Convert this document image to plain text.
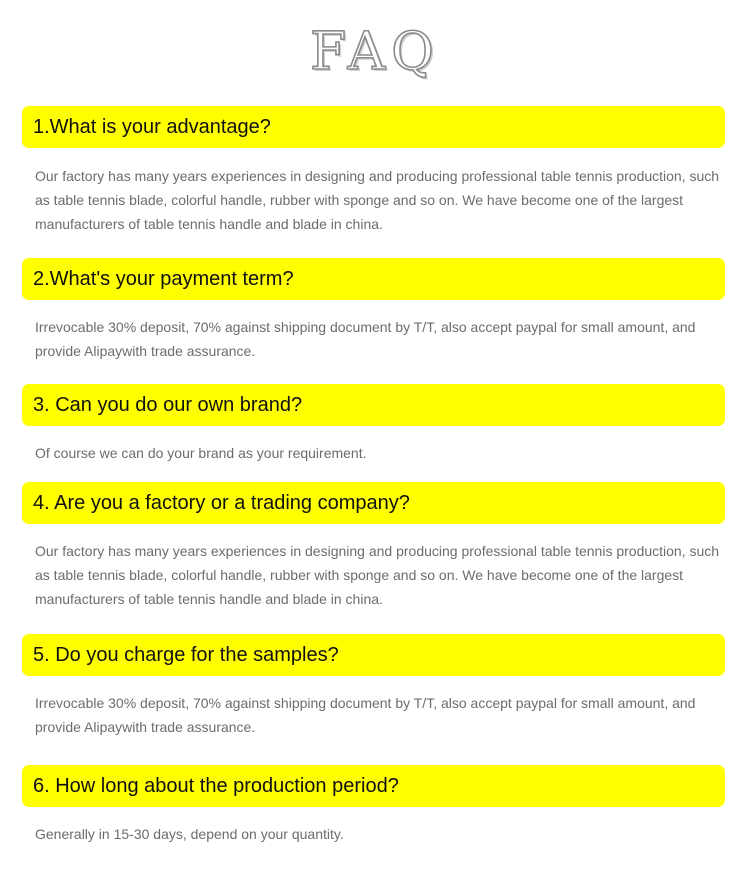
FAQ
1.What is your advantage?

Our factory has many years experiences in designing and producing professional table tennis production, such as table tennis blade, colorful handle, rubber with sponge and so on. We have become one of the largest manufacturers of table tennis handle and blade in china.

2.What's your payment term?

Irrevocable 30% deposit, 70% against shipping document by T/T, also accept paypal for small amount, and provide Alipaywith trade assurance.

3. Can you do our own brand?

Of course we can do your brand as your requirement.

4. Are you a factory or a trading company?

Our factory has many years experiences in designing and producing professional table tennis production, such as table tennis blade, colorful handle, rubber with sponge and so on. We have become one of the largest manufacturers of table tennis handle and blade in china.

5. Do you charge for the samples?

Irrevocable 30% deposit, 70% against shipping document by T/T, also accept paypal for small amount, and provide Alipaywith trade assurance.

6. How long about the production period?

Generally in 15-30 days, depend on your quantity.
